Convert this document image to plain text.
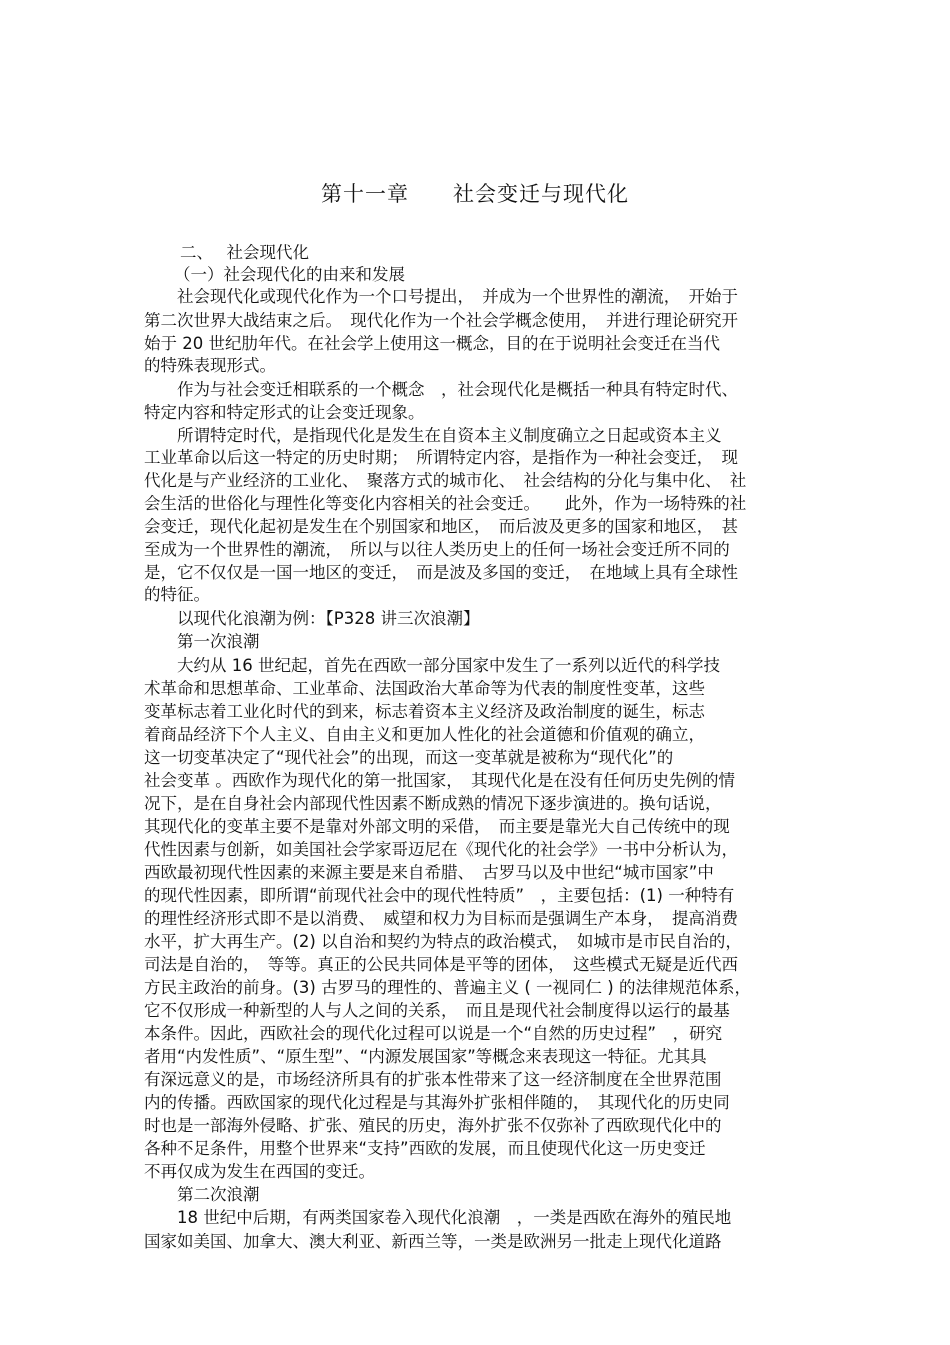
第十一章　　社会变迁与现代化
二、　 社会现代化
（一）社会现代化的由来和发展
　　社会现代化或现代化作为一个口号提出，　并成为一个世界性的潮流，　开始于
第二次世界大战结束之后。　现代化作为一个社会学概念使用，　并进行理论研究开
始于 20 世纪肋年代。在社会学上使用这一概念，目的在于说明社会变迁在当代
的特殊表现形式。
　　作为与社会变迁相联系的一个概念　，社会现代化是概括一种具有特定时代、
特定内容和特定形式的让会变迁现象。
　　所谓特定时代，是指现代化是发生在自资本主义制度确立之日起或资本主义
工业革命以后这一特定的历史时期；　所谓特定内容，是指作为一种社会变迁，　现
代化是与产业经济的工业化、　聚落方式的城市化、　社会结构的分化与集中化、　社
会生活的世俗化与理性化等变化内容相关的社会变迁。　　此外，作为一场特殊的社
会变迁，现代化起初是发生在个别国家和地区，　而后波及更多的国家和地区，　甚
至成为一个世界性的潮流，　所以与以往人类历史上的任何一场社会变迁所不同的
是，它不仅仅是一国一地区的变迁，　而是波及多国的变迁，　在地域上具有全球性
的特征。
　　以现代化浪潮为例：【P328 讲三次浪潮】
　　第一次浪潮
　　大约从 16 世纪起，首先在西欧一部分国家中发生了一系列以近代的科学技
术革命和思想革命、工业革命、法国政治大革命等为代表的制度性变革，这些
变革标志着工业化时代的到来，标志着资本主义经济及政治制度的诞生，标志
着商品经济下个人主义、自由主义和更加人性化的社会道德和价值观的确立，
这一切变革决定了“现代社会”的出现，而这一变革就是被称为“现代化”的
社会变革 。西欧作为现代化的第一批国家，　其现代化是在没有任何历史先例的情
况下，是在自身社会内部现代性因素不断成熟的情况下逐步演进的。换句话说，
其现代化的变革主要不是靠对外部文明的采借，　而主要是靠光大自己传统中的现
代性因素与创新，如美国社会学家哥迈尼在《现代化的社会学》一书中分析认为，
西欧最初现代性因素的来源主要是来自希腊、　古罗马以及中世纪“城市国家”中
的现代性因素，即所谓“前现代社会中的现代性特质”　，主要包括：(1) 一种特有
的理性经济形式即不是以消费、　威望和权力为目标而是强调生产本身，　提高消费
水平，扩大再生产。(2) 以自治和契约为特点的政治模式，　如城市是市民自治的，
司法是自治的，　等等。真正的公民共同体是平等的团体，　这些模式无疑是近代西
方民主政治的前身。(3) 古罗马的理性的、普遍主义 ( 一视同仁 ) 的法律规范体系，
它不仅形成一种新型的人与人之间的关系，　而且是现代社会制度得以运行的最基
本条件。因此，西欧社会的现代化过程可以说是一个“自然的历史过程”　，研究
者用“内发性质”、“原生型”、“内源发展国家”等概念来表现这一特征。尤其具
有深远意义的是，市场经济所具有的扩张本性带来了这一经济制度在全世界范围
内的传播。西欧国家的现代化过程是与其海外扩张相伴随的，　其现代化的历史同
时也是一部海外侵略、扩张、殖民的历史，海外扩张不仅弥补了西欧现代化中的
各种不足条件，用整个世界来“支持”西欧的发展，而且使现代化这一历史变迁
不再仅成为发生在西国的变迁。
　　第二次浪潮
　　18 世纪中后期，有两类国家卷入现代化浪潮　，一类是西欧在海外的殖民地
国家如美国、加拿大、澳大利亚、新西兰等，一类是欧洲另一批走上现代化道路
